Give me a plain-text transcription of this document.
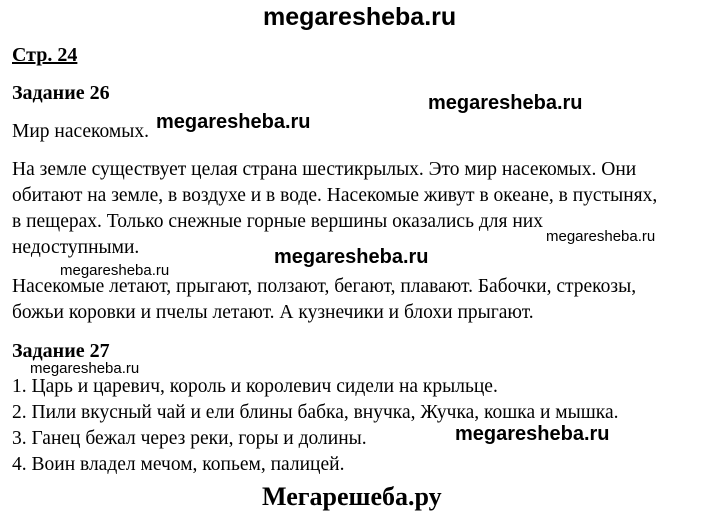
megaresheba.ru
Стр. 24
Задание 26	megaresheba.ru
Мир насекомых. megaresheba.ru
На земле существует целая страна шестикрылых. Это мир насекомых. Они
обитают на земле, в воздухе и в воде. Насекомые живут в океане, в пустынях,
в пещерах. Только снежные горные вершины оказались для них
megaresheba.ru
недоступными.	megaresheba.ru
megaresheba.ru
Насекомые летают, прыгают, ползают, бегают, плавают. Бабочки, стрекозы,
божьи коровки и пчелы летают. А кузнечики и блохи прыгают.
Задание 27
megaresheba.ru
1. Царь и царевич, король и королевич сидели на крыльце.
2. Пили вкусный чай и ели блины бабка, внучка, Жучка, кошка и мышка.
3. Ганец бежал через реки, горы и долины.	megaresheba.ru
4. Воин владел мечом, копьем, палицей.
Мегарешеба.ру
